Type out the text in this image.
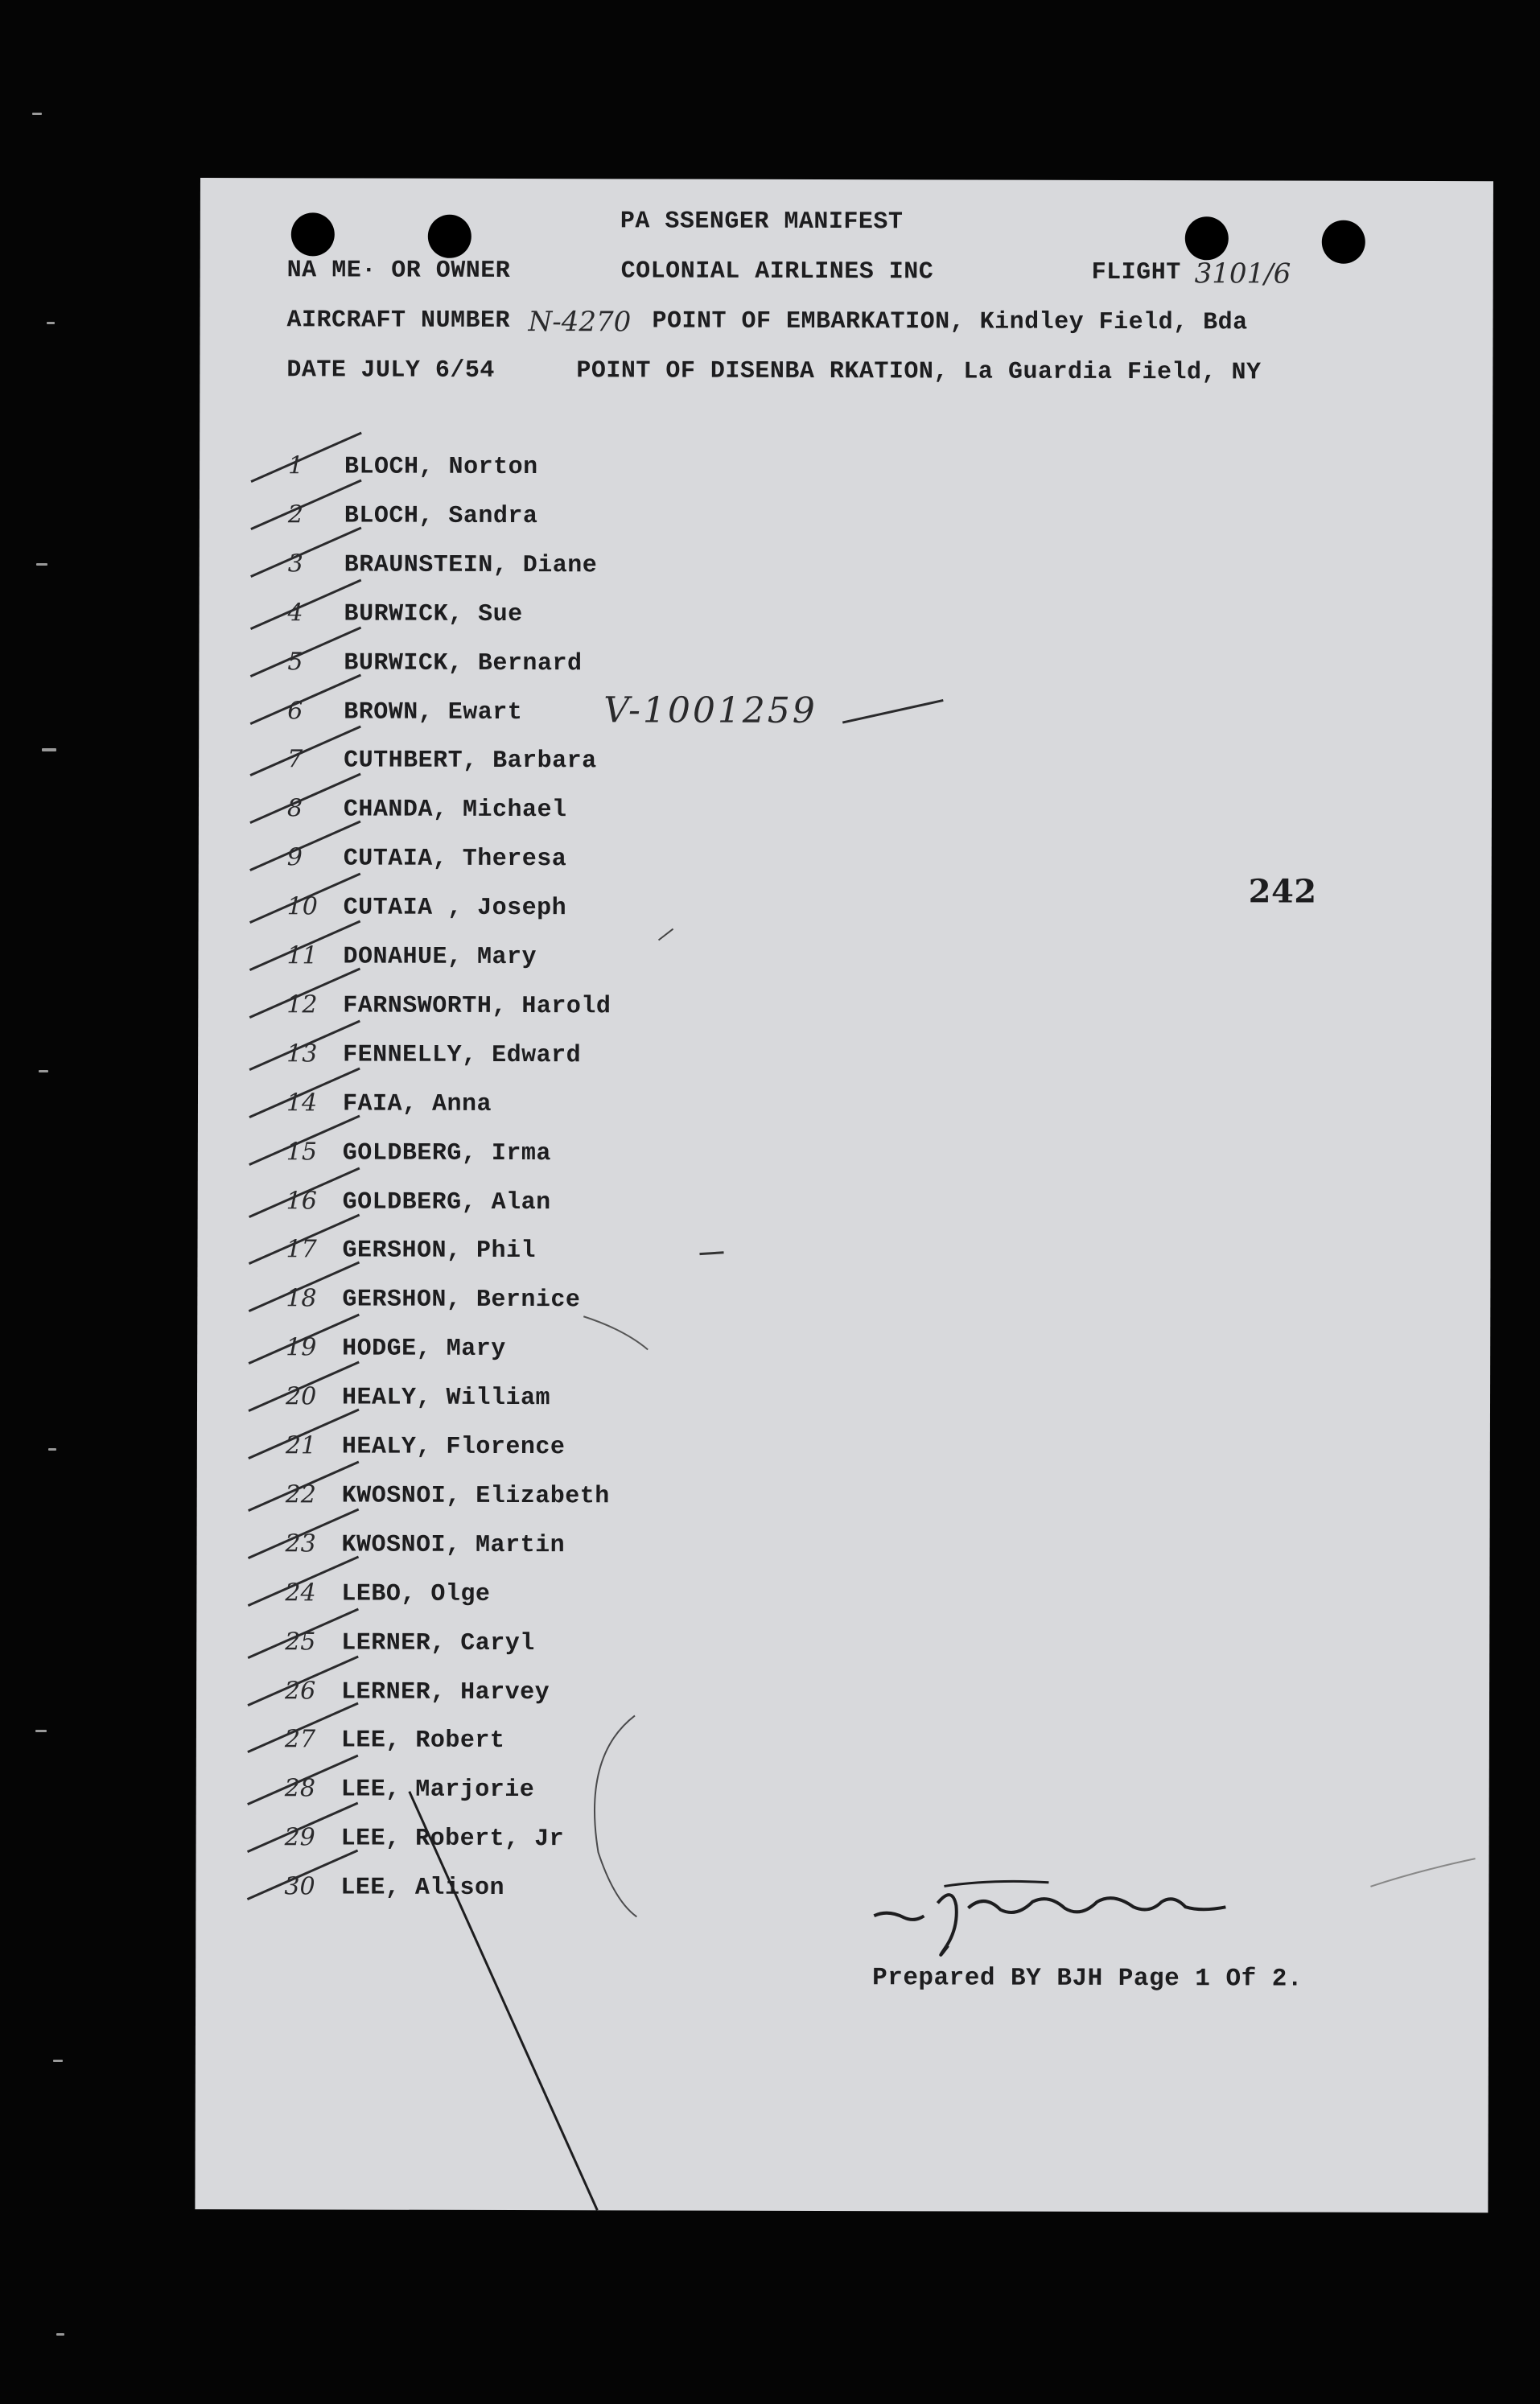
PA SSENGER MANIFEST
NA ME· OR OWNER	COLONIAL AIRLINES INC	FLIGHT 3101/6
AIRCRAFT NUMBER N-4270 POINT OF EMBARKATION, Kindley Field, Bda
DATE JULY 6/54	POINT OF DISENBA RKATION, La Guardia Field, NY
1	BLOCH, Norton
2	BLOCH, Sandra
3	BRAUNSTEIN, Diane
4	BURWICK, Sue
5	BURWICK, Bernard
6	BROWN, Ewart
7	CUTHBERT, Barbara
8	CHANDA, Michael
9	CUTAIA, Theresa
10	CUTAIA , Joseph
11	DONAHUE, Mary
12	FARNSWORTH, Harold
13	FENNELLY, Edward
14	FAIA, Anna
15	GOLDBERG, Irma
16	GOLDBERG, Alan
17	GERSHON, Phil
18	GERSHON, Bernice
19	HODGE, Mary
20	HEALY, William
21	HEALY, Florence
22	KWOSNOI, Elizabeth
23	KWOSNOI, Martin
24	LEBO, Olge
25	LERNER, Caryl
26	LERNER, Harvey
27	LEE, Robert
28	LEE, Marjorie
29	LEE, Robert, Jr
30	LEE, Alison
V-1001259
242
Prepared BY BJH Page 1 Of 2.
